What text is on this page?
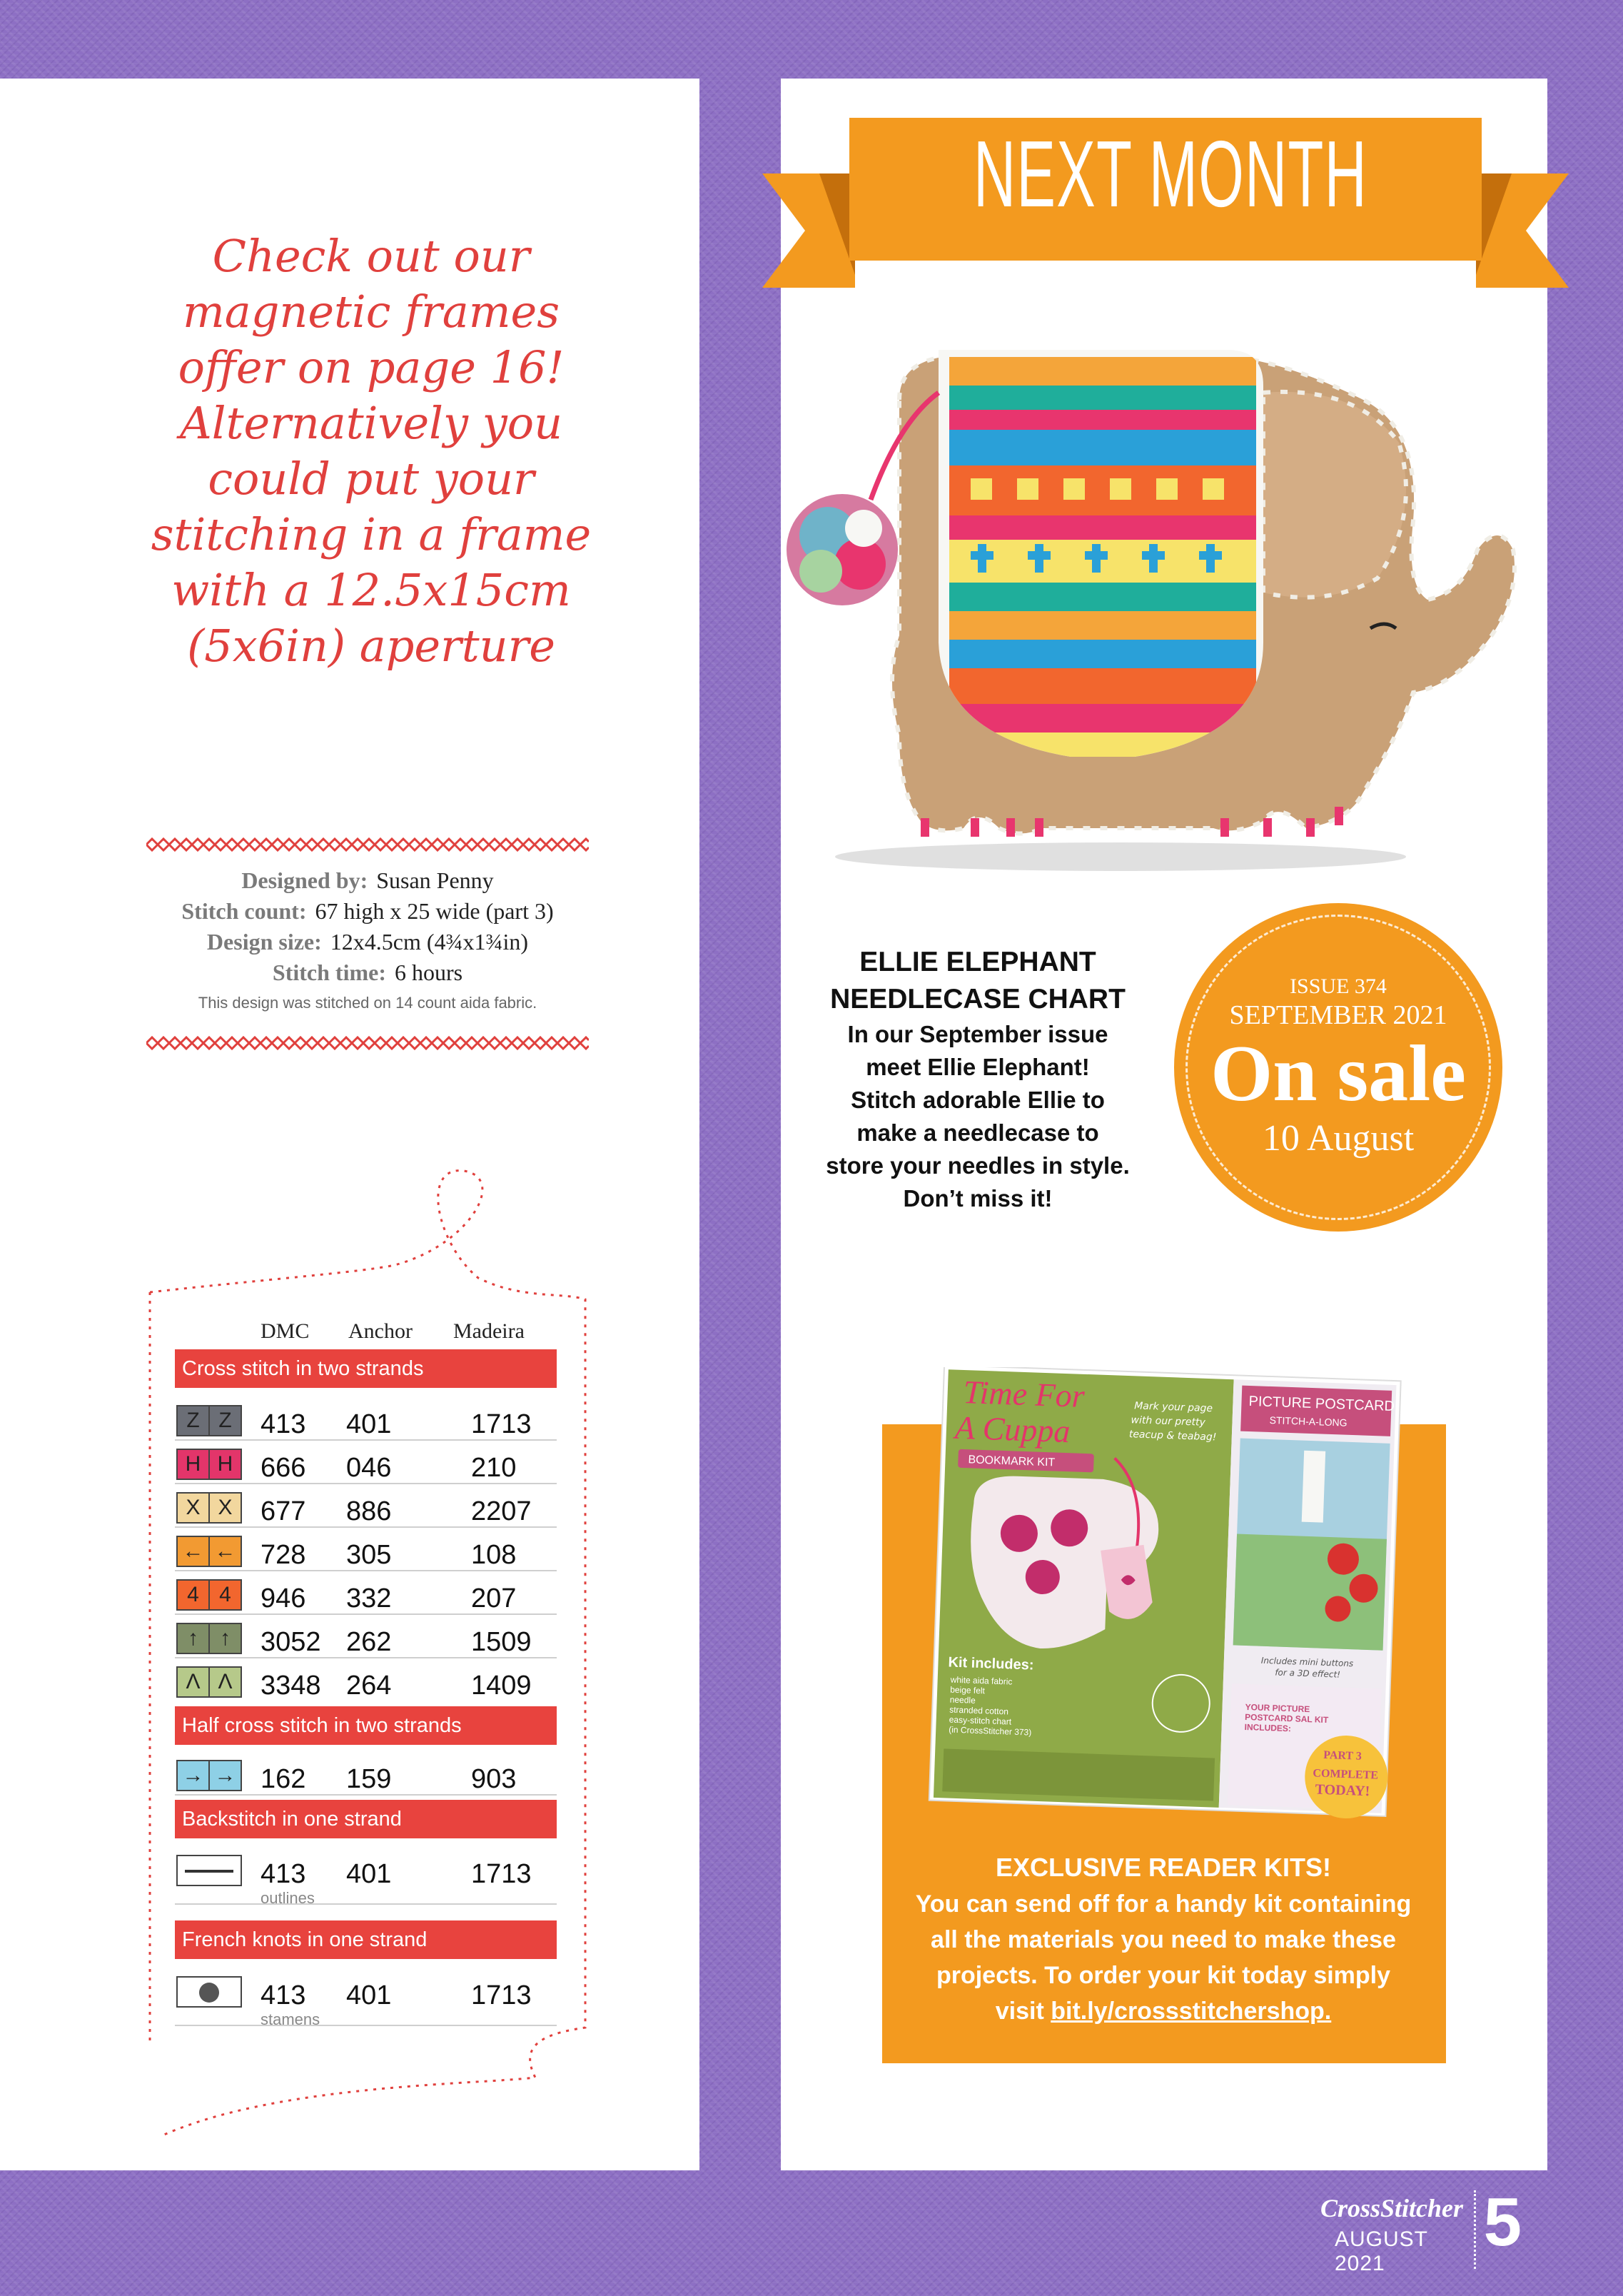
Check out our
magnetic frames
offer on page 16!
Alternatively you
could put your
stitching in a frame
with a 12.5x15cm
(5x6in) aperture
Designed by: Susan Penny
Stitch count: 67 high x 25 wide (part 3)
Design size: 12x4.5cm (4¾x1¾in)
Stitch time: 6 hours
This design was stitched on 14 count aida fabric.
DMC Anchor Madeira
Cross stitch in two strands
Z Z	413 401	1713
H H 666 046	210
X X	677 886	2207
← ← 728 305	108
4 4	946 332	207
↑	↑	3052 262	1509
Λ Λ	3348 264	1409
Half cross stitch in two strands
→ → 162 159	903
Backstitch in one strand
413 401	1713
outlines
French knots in one strand
413 401	1713
stamens
NEXT MONTH
ELLIE ELEPHANT
NEEDLECASE CHART
In our September issue
meet Ellie Elephant!
Stitch adorable Ellie to
make a needlecase to
store your needles in style.
Don’t miss it!
ISSUE 374
SEPTEMBER 2021
On sale
10 August
Time For
A Cuppa
BOOKMARK KIT
Mark your page
with our pretty
teacup & teabag!
Kit includes:
white aida fabric
beige felt
needle
stranded cotton
easy-stitch chart
(in CrossStitcher 373)
PICTURE POSTCARD
STITCH-A-LONG
Includes mini buttons
for a 3D effect!
YOUR PICTURE
POSTCARD SAL KIT
INCLUDES:
PART 3
COMPLETE
TODAY!
EXCLUSIVE READER KITS!
You can send off for a handy kit containing
all the materials you need to make these
projects. To order your kit today simply
visit bit.ly/crossstitchershop.
CrossStitcher
AUGUST 2021
5
